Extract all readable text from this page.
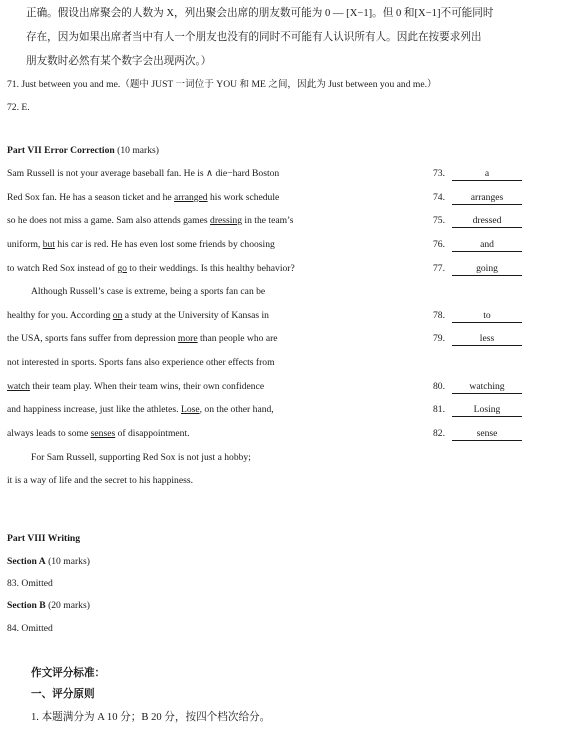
正确。假设出席聚会的人数为 X，列出聚会出席的朋友数可能为 0 — [X−1]。但 0 和[X−1]不可能同时

存在，因为如果出席者当中有人一个朋友也没有的同时不可能有人认识所有人。因此在按要求列出

朋友数时必然有某个数字会出现两次。）

71. Just between you and me.（题中 JUST 一词位于 YOU 和 ME 之间，因此为 Just between you and me.）

72. E.

Part VII Error Correction (10 marks)

Sam Russell is not your average baseball fan. He is ∧ die−hard Boston

Red Sox fan. He has a season ticket and he arranged his work schedule

so he does not miss a game. Sam also attends games dressing in the team’s

uniform, but his car is red. He has even lost some friends by choosing

to watch Red Sox instead of go to their weddings. Is this healthy behavior?

Although Russell’s case is extreme, being a sports fan can be

healthy for you. According on a study at the University of Kansas in

the USA, sports fans suffer from depression more than people who are

not interested in sports. Sports fans also experience other effects from

watch their team play. When their team wins, their own confidence

and happiness increase, just like the athletes. Lose, on the other hand,

always leads to some senses of disappointment.

For Sam Russell, supporting Red Sox is not just a hobby;

it is a way of life and the secret to his happiness.

73.	a
74.	arranges
75.	dressed
76.	and
77.	going
78.	to
79.	less
80.	watching
81.	Losing
82.	sense

Part VIII Writing

Section A (10 marks)

83. Omitted

Section B (20 marks)

84. Omitted

作文评分标准：

一、评分原则

1. 本题满分为 A 10 分；B 20 分，按四个档次给分。
